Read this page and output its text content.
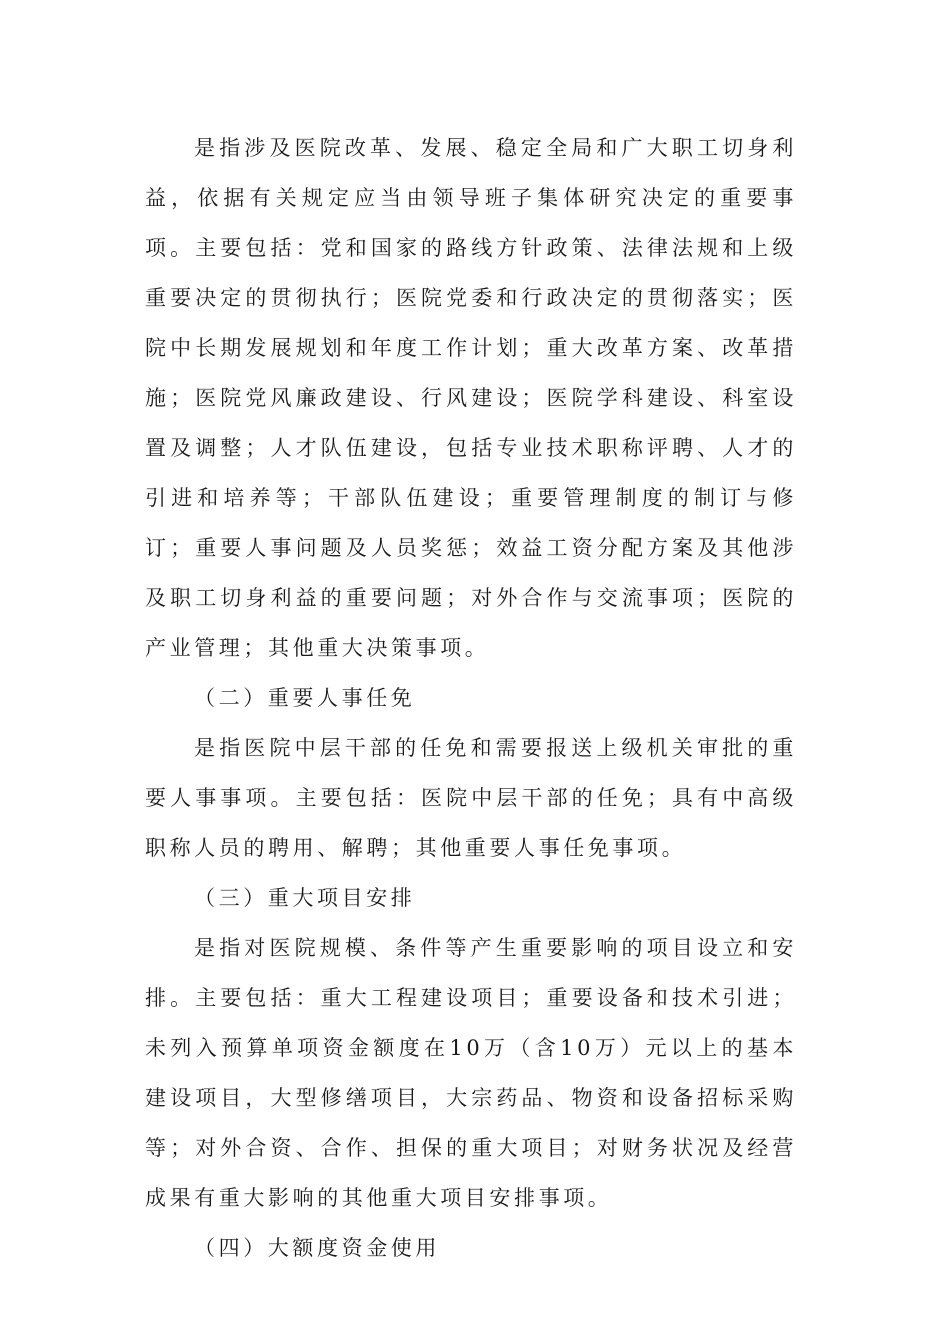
是指涉及医院改革、发展、稳定全局和广大职工切身利益，依据有关规定应当由领导班子集体研究决定的重要事项。主要包括：党和国家的路线方针政策、法律法规和上级重要决定的贯彻执行；医院党委和行政决定的贯彻落实；医院中长期发展规划和年度工作计划；重大改革方案、改革措施；医院党风廉政建设、行风建设；医院学科建设、科室设置及调整；人才队伍建设，包括专业技术职称评聘、人才的引进和培养等；干部队伍建设；重要管理制度的制订与修订；重要人事问题及人员奖惩；效益工资分配方案及其他涉及职工切身利益的重要问题；对外合作与交流事项；医院的产业管理；其他重大决策事项。

（二）重要人事任免

是指医院中层干部的任免和需要报送上级机关审批的重要人事事项。主要包括：医院中层干部的任免；具有中高级职称人员的聘用、解聘；其他重要人事任免事项。

（三）重大项目安排

是指对医院规模、条件等产生重要影响的项目设立和安排。主要包括：重大工程建设项目；重要设备和技术引进；未列入预算单项资金额度在10万（含10万）元以上的基本建设项目，大型修缮项目，大宗药品、物资和设备招标采购等；对外合资、合作、担保的重大项目；对财务状况及经营成果有重大影响的其他重大项目安排事项。

（四）大额度资金使用
